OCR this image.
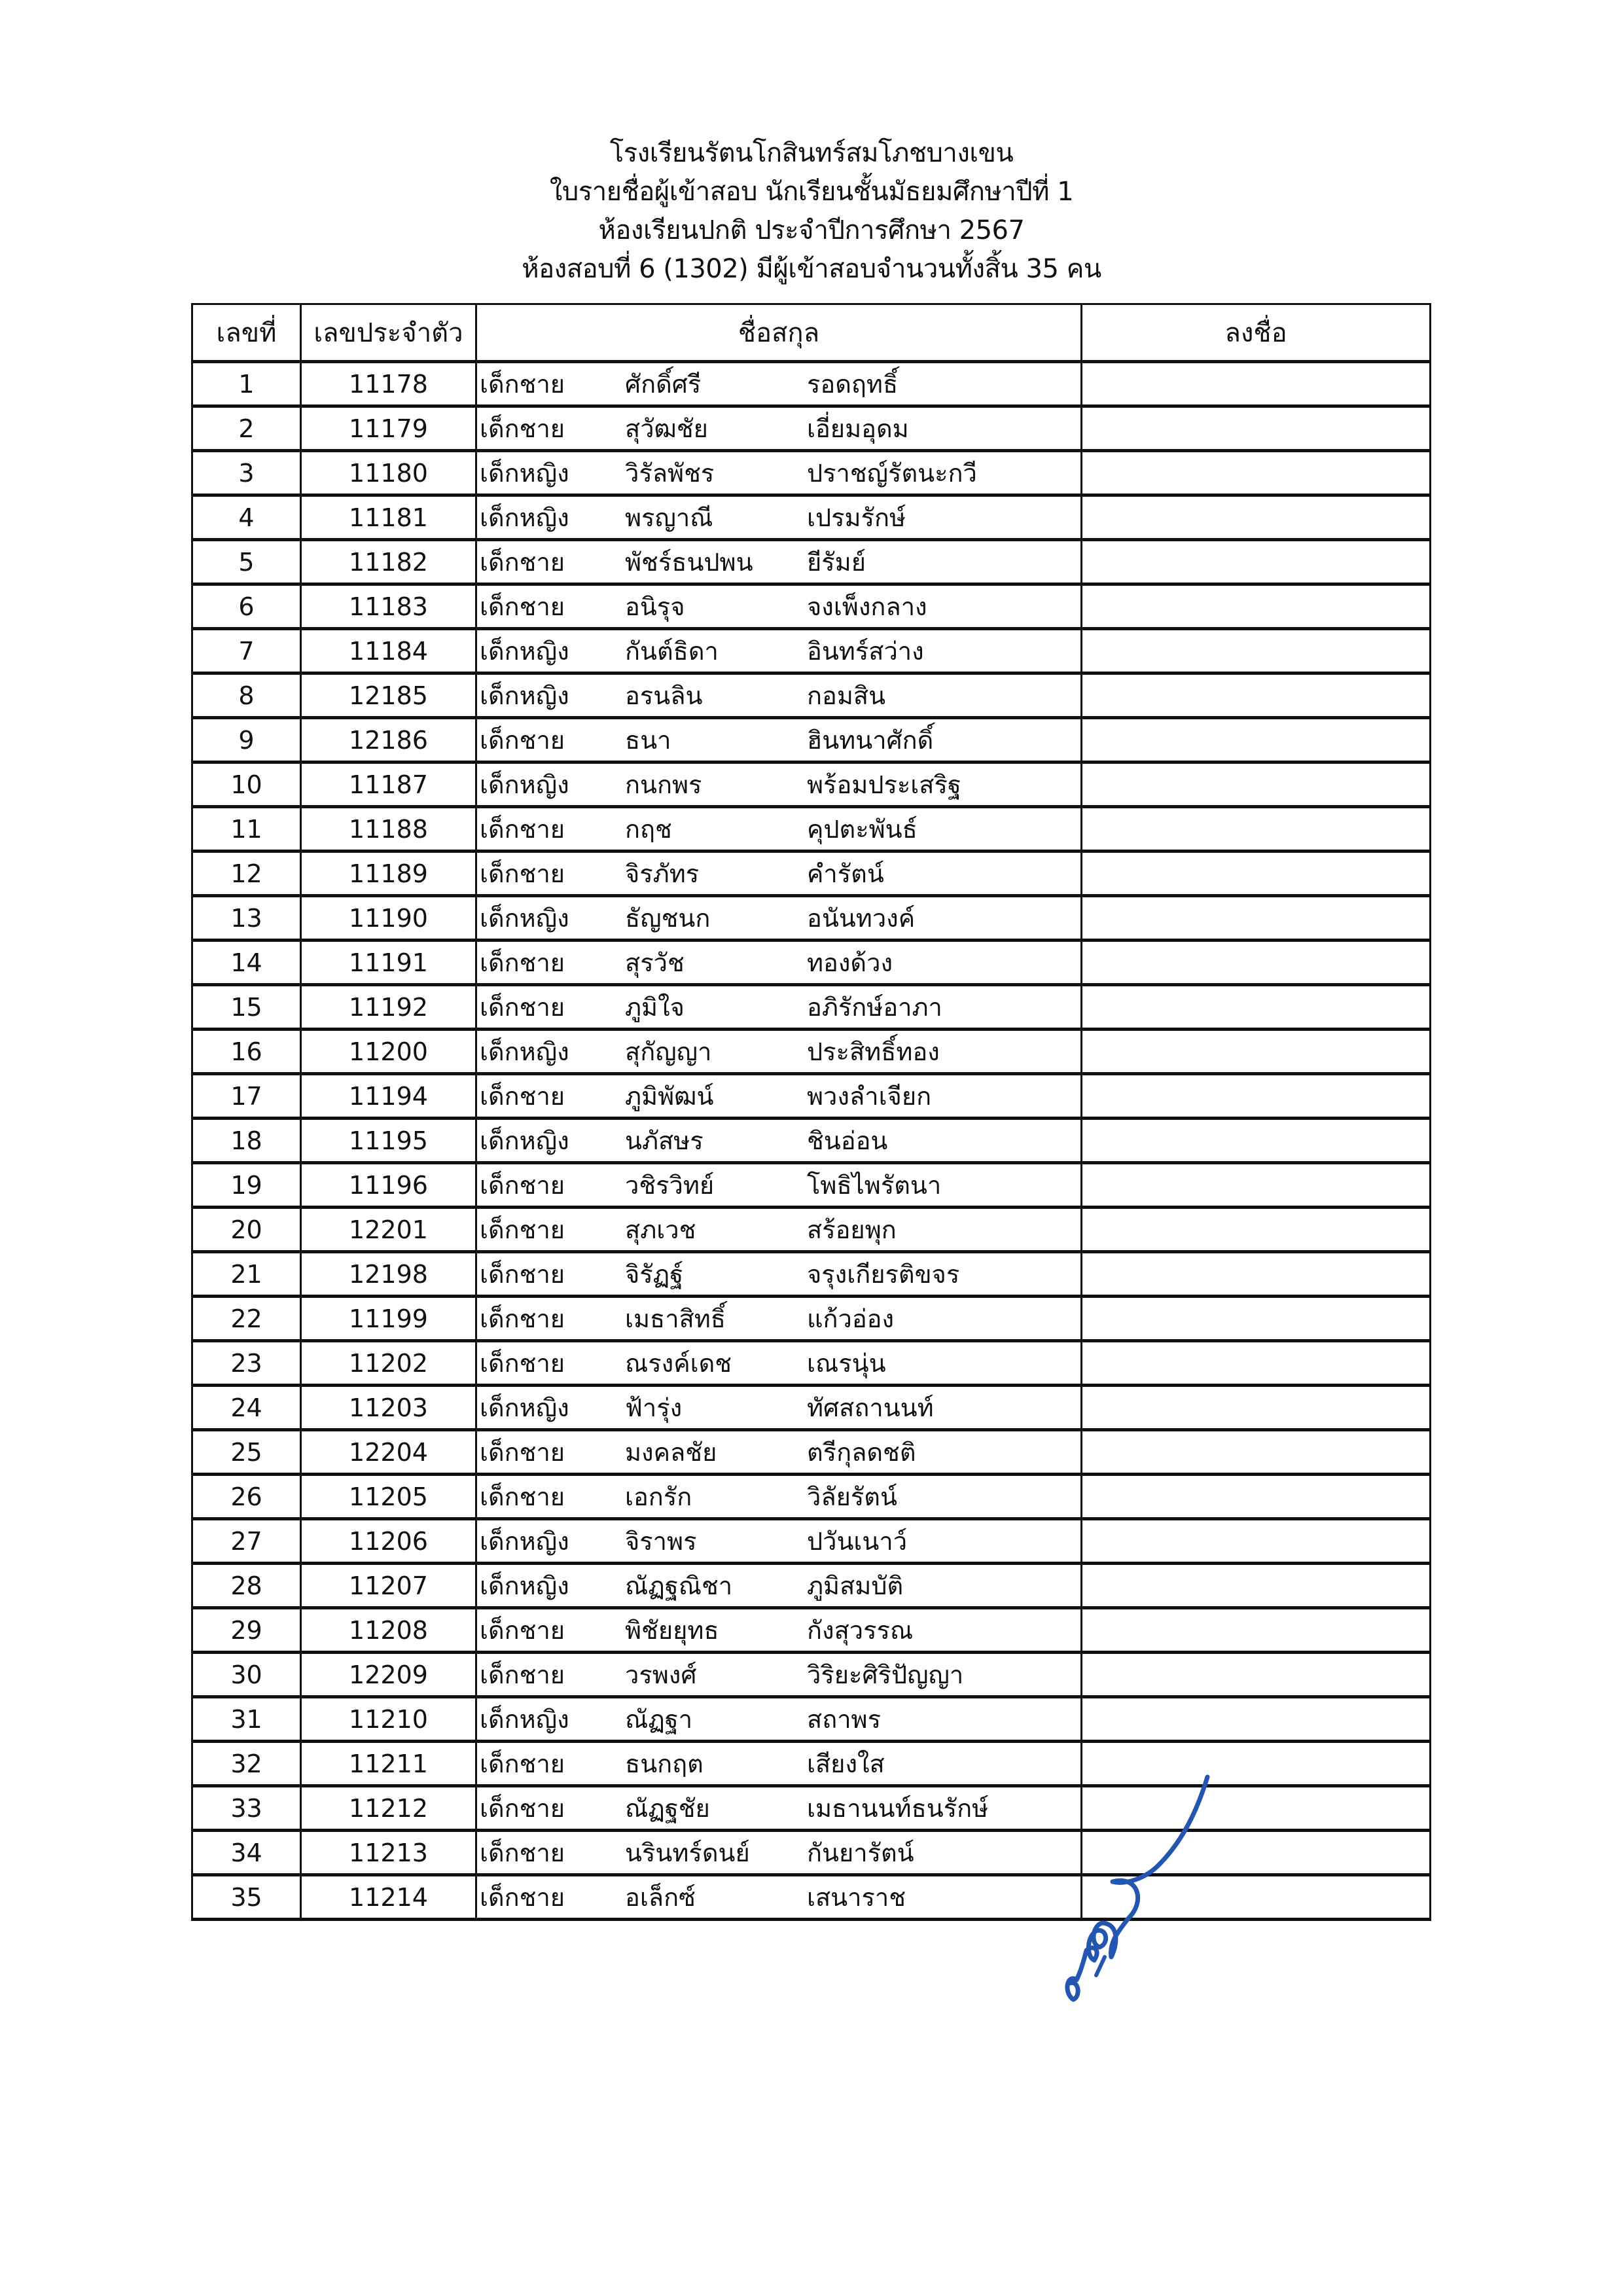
โรงเรียนรัตนโกสินทร์สมโภชบางเขน
ใบรายชื่อผู้เข้าสอบ นักเรียนชั้นมัธยมศึกษาปีที่ 1
ห้องเรียนปกติ ประจำปีการศึกษา 2567
ห้องสอบที่ 6 (1302) มีผู้เข้าสอบจำนวนทั้งสิ้น 35 คน
เลขที่	เลขประจำตัว	ชื่อสกุล	ลงชื่อ
1	11178	เด็กชาย ศักดิ์ศรี รอดฤทธิ์	

2	11179	เด็กชาย สุวัฒชัย เอี่ยมอุดม	

3	11180	เด็กหญิง วิรัลพัชร ปราชญ์รัตนะกวี	

4	11181	เด็กหญิง พรญาณี เปรมรักษ์	

5	11182	เด็กชาย พัชร์ธนปพน ยีรัมย์	

6	11183	เด็กชาย อนิรุจ จงเพ็งกลาง	

7	11184	เด็กหญิง กันต์ธิดา อินทร์สว่าง	

8	12185	เด็กหญิง อรนลิน กอมสิน	

9	12186	เด็กชาย ธนา ฮินทนาศักดิ์	

10	11187	เด็กหญิง กนกพร พร้อมประเสริฐ	

11	11188	เด็กชาย กฤช คุปตะพันธ์	

12	11189	เด็กชาย จิรภัทร คำรัตน์	

13	11190	เด็กหญิง ธัญชนก อนันทวงค์	

14	11191	เด็กชาย สุรวัช ทองด้วง	

15	11192	เด็กชาย ภูมิใจ อภิรักษ์อาภา	

16	11200	เด็กหญิง สุกัญญา ประสิทธิ์ทอง	

17	11194	เด็กชาย ภูมิพัฒน์ พวงลำเจียก	

18	11195	เด็กหญิง นภัสษร ชินอ่อน	

19	11196	เด็กชาย วชิรวิทย์ โพธิไพรัตนา	

20	12201	เด็กชาย สุภเวช สร้อยพุก	

21	12198	เด็กชาย จิรัฏฐ์ จรุงเกียรติขจร	

22	11199	เด็กชาย เมธาสิทธิ์ แก้วอ่อง	

23	11202	เด็กชาย ณรงค์เดช เณรนุ่น	

24	11203	เด็กหญิง ฟ้ารุ่ง ทัศสถานนท์	

25	12204	เด็กชาย มงคลชัย ตรีกุลดชติ	

26	11205	เด็กชาย เอกรัก วิลัยรัตน์	

27	11206	เด็กหญิง จิราพร ปวันเนาว์	

28	11207	เด็กหญิง ณัฏฐณิชา ภูมิสมบัติ	

29	11208	เด็กชาย พิชัยยุทธ กังสุวรรณ	

30	12209	เด็กชาย วรพงศ์ วิริยะศิริปัญญา	

31	11210	เด็กหญิง ณัฏฐา สถาพร	

32	11211	เด็กชาย ธนกฤต เสียงใส	

33	11212	เด็กชาย ณัฏฐชัย เมธานนท์ธนรักษ์	

34	11213	เด็กชาย นรินทร์ดนย์ กันยารัตน์	

35	11214	เด็กชาย อเล็กซ์ เสนาราช	
